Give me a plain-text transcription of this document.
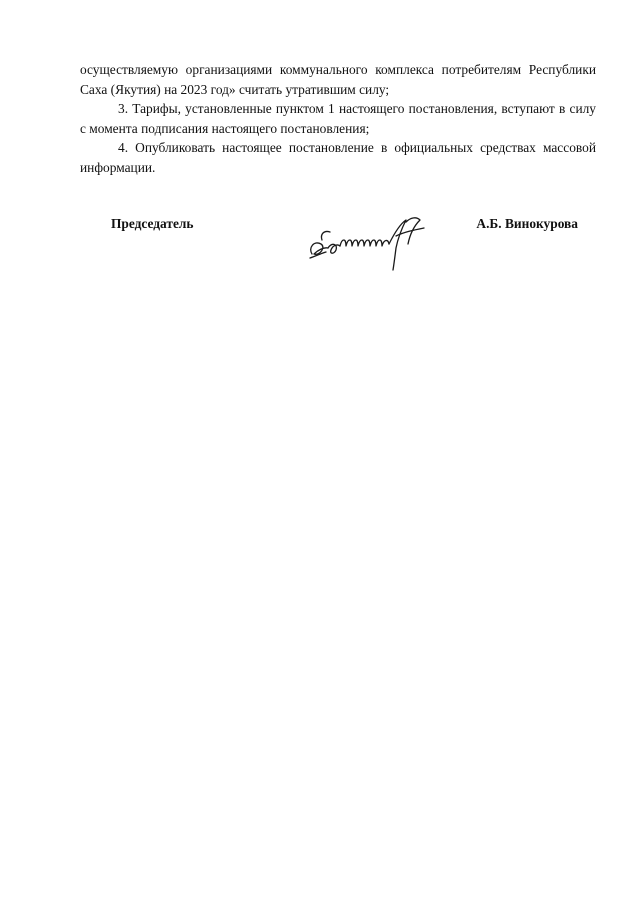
осуществляемую организациями коммунального комплекса потребителям Республики Саха (Якутия) на 2023 год» считать утратившим силу;

3. Тарифы, установленные пунктом 1 настоящего постановления, вступают в силу с момента подписания настоящего постановления;

4. Опубликовать настоящее постановление в официальных средствах массовой информации.

Председатель	А.Б. Винокурова
